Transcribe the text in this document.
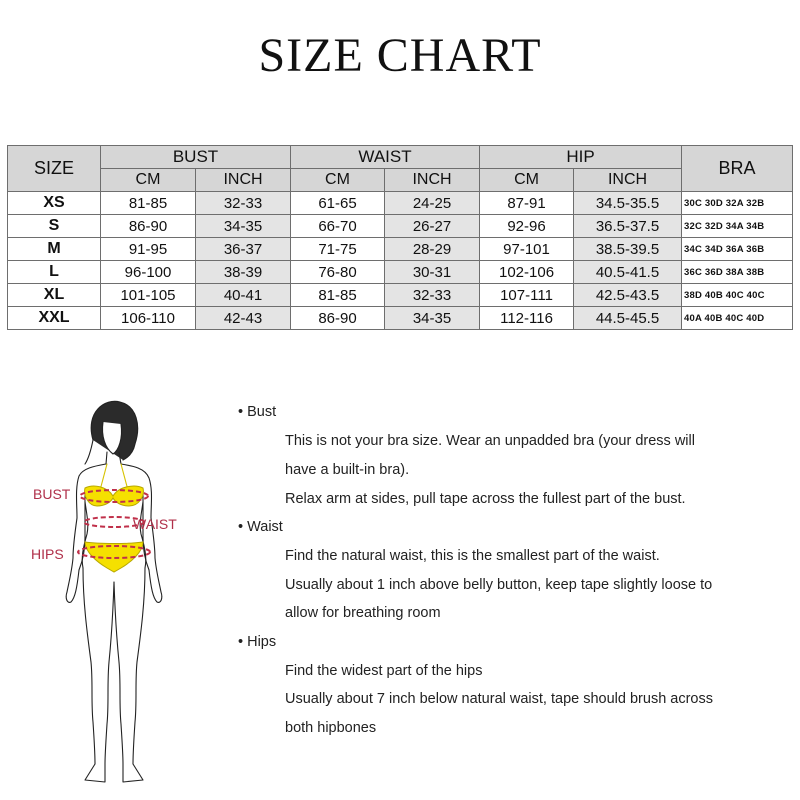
SIZE CHART
SIZE	BUST		WAIST		HIP		BRA
	CM	INCH	CM	INCH	CM	INCH	
XS	81-85	32-33	61-65	24-25	87-91	34.5-35.5	30C 30D 32A 32B
S	86-90	34-35	66-70	26-27	92-96	36.5-37.5	32C 32D 34A 34B
M	91-95	36-37	71-75	28-29	97-101	38.5-39.5	34C 34D 36A 36B
L	96-100	38-39	76-80	30-31	102-106	40.5-41.5	36C 36D 38A 38B
XL	101-105	40-41	81-85	32-33	107-111	42.5-43.5	38D 40B 40C 40C
XXL	106-110	42-43	86-90	34-35	112-116	44.5-45.5	40A 40B 40C 40D
BUST
WAIST
HIPS
• Bust
This is not your bra size. Wear an unpadded bra (your dress will
have a built-in bra).
Relax arm at sides, pull tape across the fullest part of the bust.
• Waist
Find the natural waist, this is the smallest part of the waist.
Usually about 1 inch above belly button, keep tape slightly loose to
allow for breathing room
• Hips
Find the widest part of the hips
Usually about 7 inch below natural waist, tape should brush across
both hipbones
